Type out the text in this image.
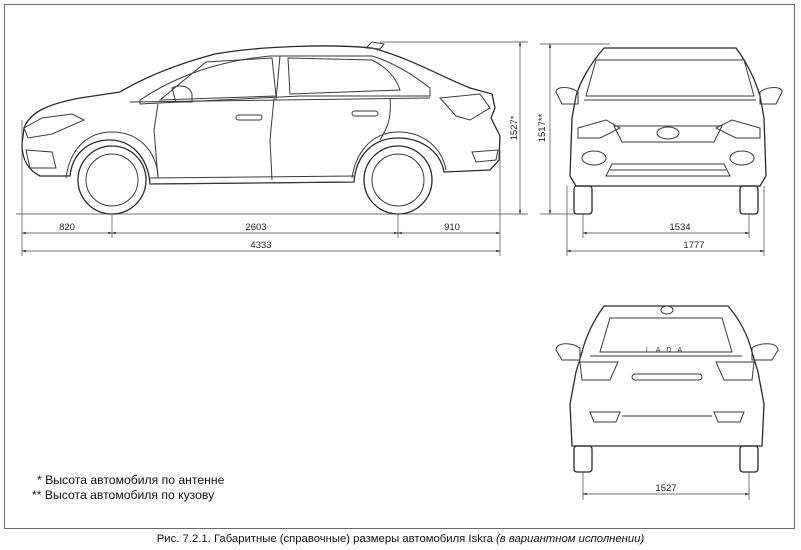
820	2603	910
4333
1527* 1517**
1534
1777
LADA
1527
* Высота автомобиля по антенне
** Высота автомобиля по кузову
Рис. 7.2.1. Габаритные (справочные) размеры автомобиля Iskra (в вариантном исполнении)
